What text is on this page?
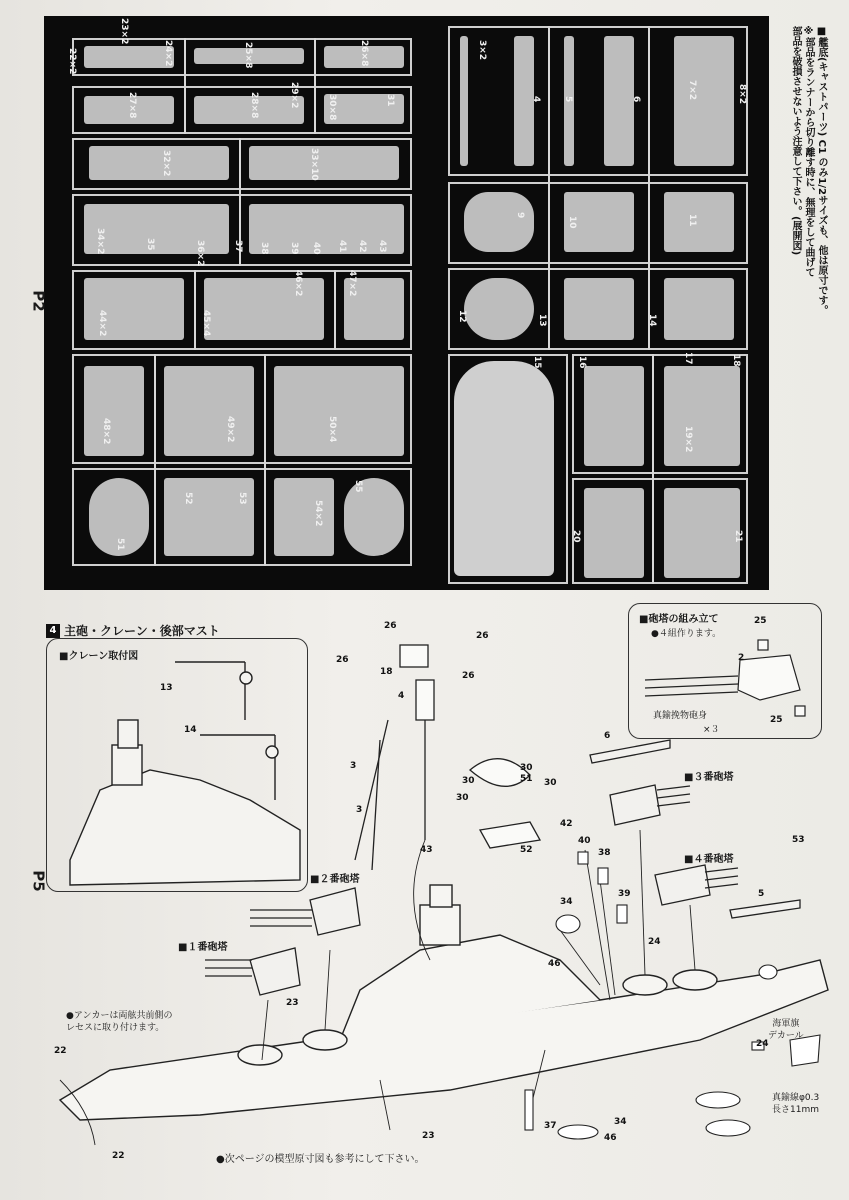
23×2
22×2	24×2	25×8	26×8
27×8	28×8	29×2	30×8	31
32×2	33×10
34×2	35	36×2	37 38 39 40 41 42 43
44×2	45×4
46×2	47×2
48×2	49×2	50×4
51
52	53
54×2
55
3×2
4 5	6	7×2	8×2
9
10	11
12	13	14
15	16	17	18
19×2
20	21
P2
P5
■艦底(キャストパーツ) C1 のみ1/2サイズも、他は原寸です。
※部品をランナーから切り離す時に、無理をして曲げて
部品を破損させないよう注意して下さい。(展開図)
4 主砲・クレーン・後部マスト
■クレーン取付図
■砲塔の組み立て
●４組作ります。
真鍮挽物砲身
×３
13
14
25
2
25
26
26
26
26
18
4
3
3
43
30
30
51 30
30
42
52
6
40
38
39
34
46
24
5
53
24
22
22
23
23
37	34
46
■１番砲塔
■２番砲塔
■３番砲塔
■４番砲塔
●アンカーは両舷共前側の
レセスに取り付けます。	海軍旗
デカール
真鍮線φ0.3
長さ11mm
●次ページの模型原寸図も参考にして下さい。
